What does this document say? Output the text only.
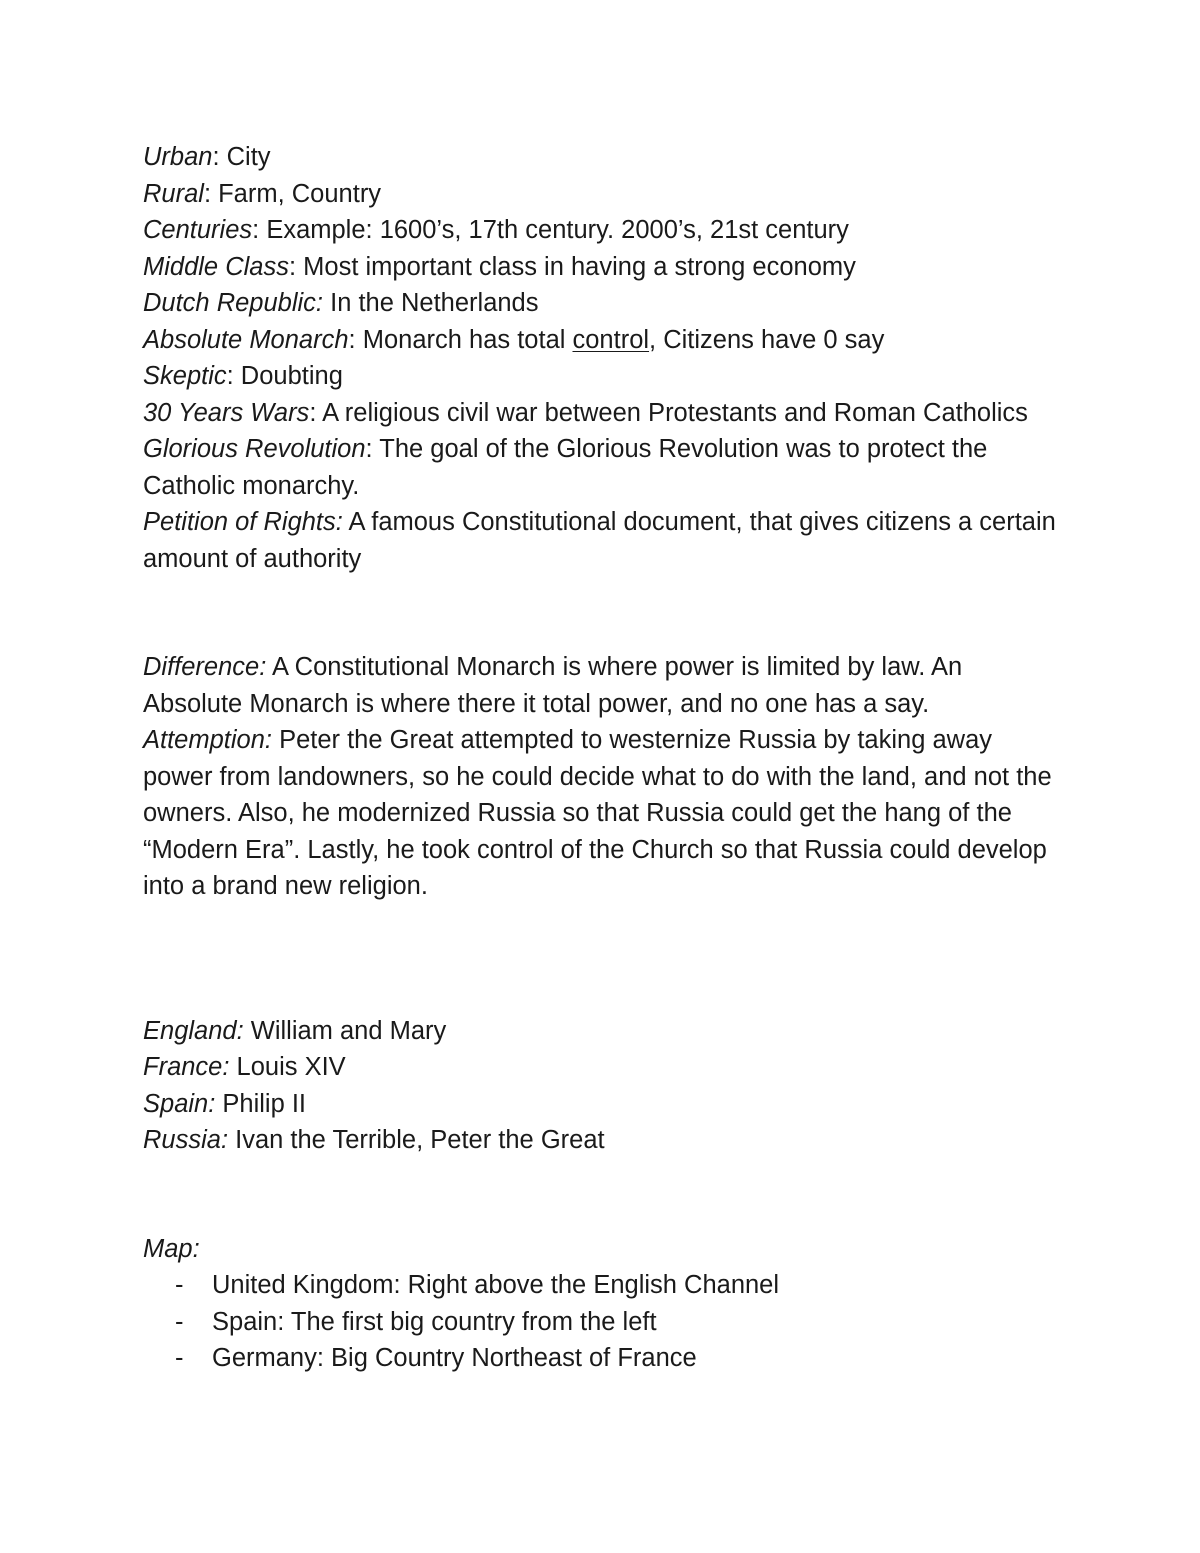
Urban: City

Rural: Farm, Country

Centuries: Example: 1600’s, 17th century. 2000’s, 21st century

Middle Class: Most important class in having a strong economy

Dutch Republic: In the Netherlands

Absolute Monarch: Monarch has total control, Citizens have 0 say

Skeptic: Doubting

30 Years Wars: A religious civil war between Protestants and Roman Catholics

Glorious Revolution: The goal of the Glorious Revolution was to protect the Catholic monarchy.

Petition of Rights: A famous Constitutional document, that gives citizens a certain amount of authority

Difference: A Constitutional Monarch is where power is limited by law. An Absolute Monarch is where there it total power, and no one has a say.

Attemption: Peter the Great attempted to westernize Russia by taking away power from landowners, so he could decide what to do with the land, and not the owners. Also, he modernized Russia so that Russia could get the hang of the “Modern Era”. Lastly, he took control of the Church so that Russia could develop into a brand new religion.

England: William and Mary

France: Louis XIV

Spain: Philip II

Russia: Ivan the Terrible, Peter the Great

Map:

- United Kingdom: Right above the English Channel
- Spain: The first big country from the left
- Germany: Big Country Northeast of France
